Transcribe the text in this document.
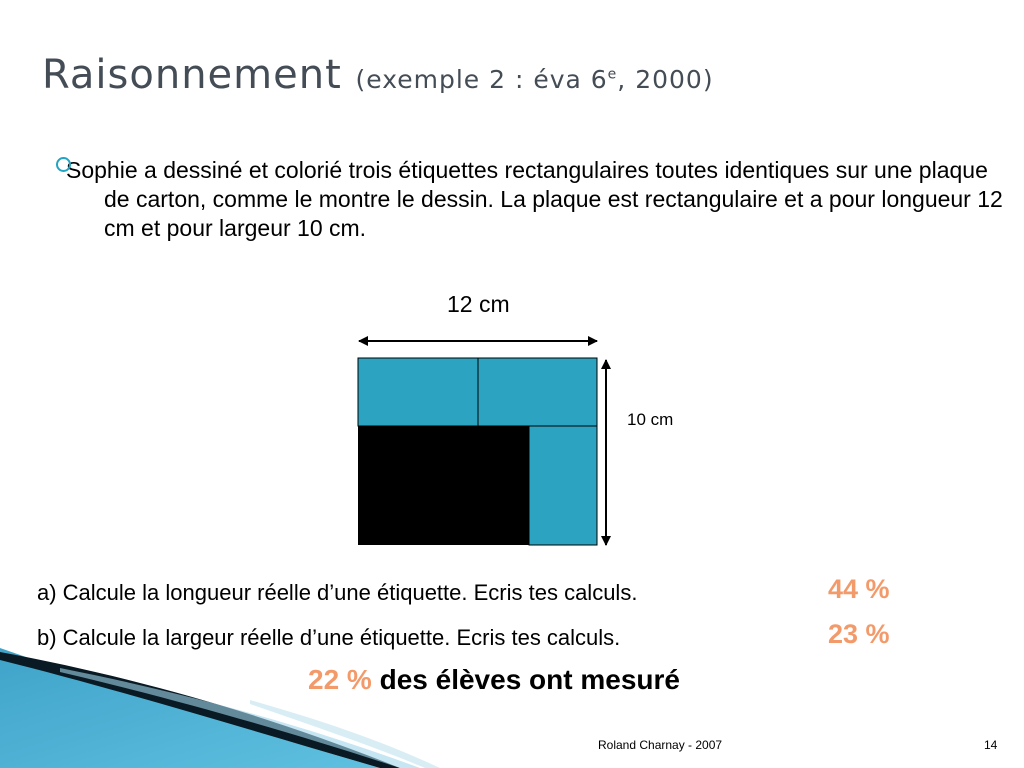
Raisonnement (exemple 2 : éva 6e, 2000)
Sophie a dessiné et colorié trois étiquettes rectangulaires toutes identiques sur une plaque de carton, comme le montre le dessin. La plaque est rectangulaire et a pour longueur 12 cm et pour largeur 10 cm.
12 cm
10 cm
a) Calcule la longueur réelle d’une étiquette. Ecris tes calculs.	44 %
b) Calcule la largeur réelle d’une étiquette. Ecris tes calculs.	23 %
22 % des élèves ont mesuré
Roland Charnay - 2007	14
